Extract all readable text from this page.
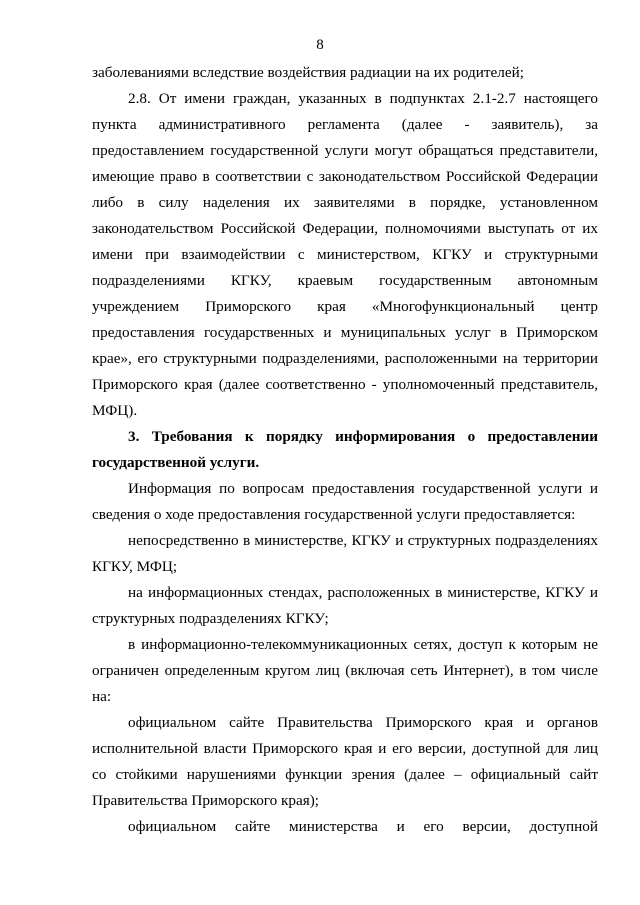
8

заболеваниями вследствие воздействия радиации на их родителей;

2.8. От имени граждан, указанных в подпунктах 2.1-2.7 настоящего пункта административного регламента (далее - заявитель), за предоставлением государственной услуги могут обращаться представители, имеющие право в соответствии с законодательством Российской Федерации либо в силу наделения их заявителями в порядке, установленном законодательством Российской Федерации, полномочиями выступать от их имени при взаимодействии с министерством, КГКУ и структурными подразделениями КГКУ, краевым государственным автономным учреждением Приморского края «Многофункциональный центр предоставления государственных и муниципальных услуг в Приморском крае», его структурными подразделениями, расположенными на территории Приморского края (далее соответственно - уполномоченный представитель, МФЦ).

3. Требования к порядку информирования о предоставлении государственной услуги.

Информация по вопросам предоставления государственной услуги и сведения о ходе предоставления государственной услуги предоставляется:

непосредственно в министерстве, КГКУ и структурных подразделениях КГКУ, МФЦ;

на информационных стендах, расположенных в министерстве, КГКУ и структурных подразделениях КГКУ;

в информационно-телекоммуникационных сетях, доступ к которым не ограничен определенным кругом лиц (включая сеть Интернет), в том числе на:

официальном сайте Правительства Приморского края и органов исполнительной власти Приморского края и его версии, доступной для лиц со стойкими нарушениями функции зрения (далее – официальный сайт Правительства Приморского края);

официальном сайте министерства и его версии, доступной
